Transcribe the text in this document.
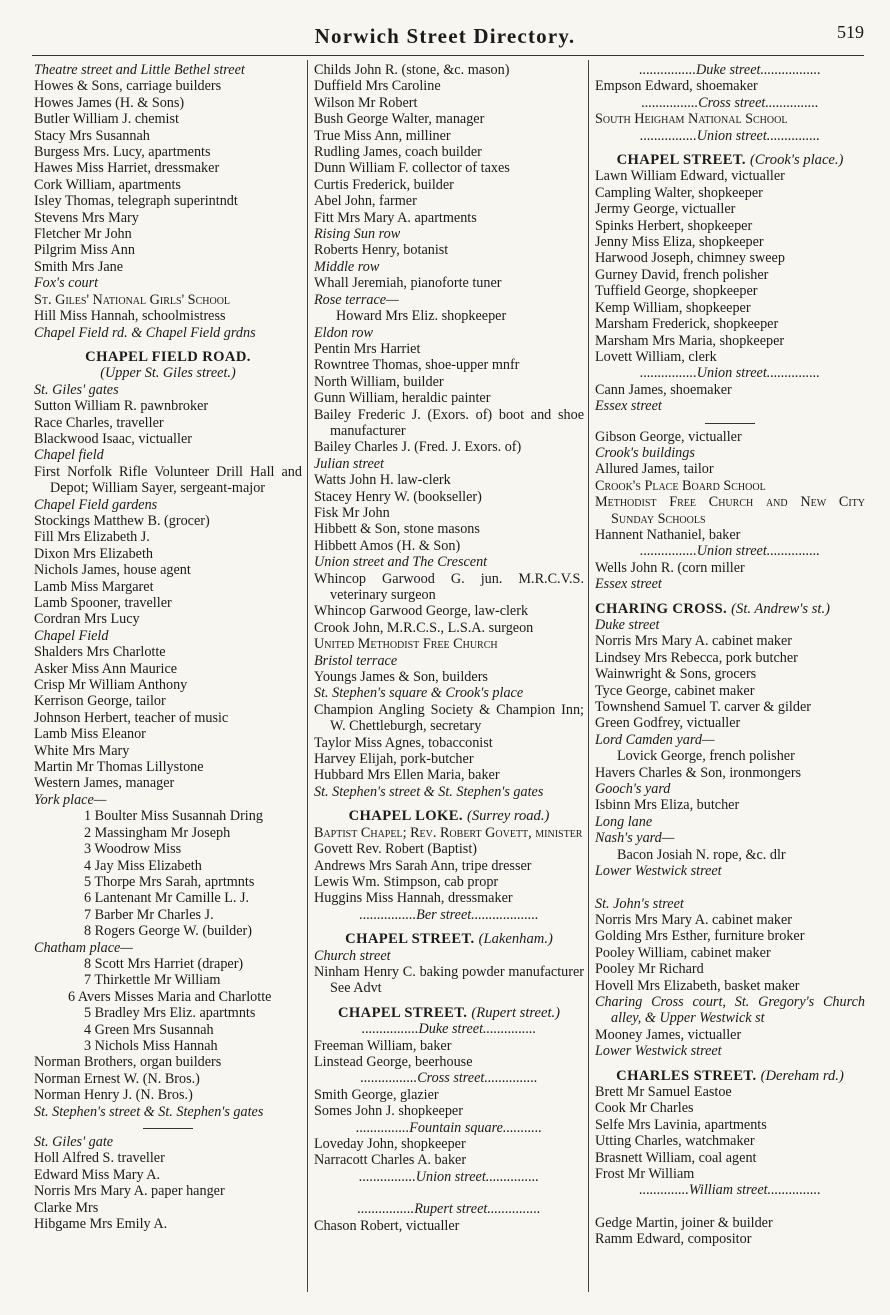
Norwich Street Directory.	519
Theatre street and Little Bethel street
Howes & Sons, carriage builders
Howes James (H. & Sons)
Butler William J. chemist
Stacy Mrs Susannah
Burgess Mrs. Lucy, apartments
Hawes Miss Harriet, dressmaker
Cork William, apartments
Isley Thomas, telegraph superintndt
Stevens Mrs Mary
Fletcher Mr John
Pilgrim Miss Ann
Smith Mrs Jane
Fox's court
St. Giles' National Girls' School
Hill Miss Hannah, schoolmistress
Chapel Field rd. & Chapel Field grdns
CHAPEL FIELD ROAD.
(Upper St. Giles street.)
St. Giles' gates
Sutton William R. pawnbroker
Race Charles, traveller
Blackwood Isaac, victualler
Chapel field
First Norfolk Rifle Volunteer Drill Hall and Depot; William Sayer, sergeant-major
Chapel Field gardens
Stockings Matthew B. (grocer)
Fill Mrs Elizabeth J.
Dixon Mrs Elizabeth
Nichols James, house agent
Lamb Miss Margaret
Lamb Spooner, traveller
Cordran Mrs Lucy
Chapel Field
Shalders Mrs Charlotte
Asker Miss Ann Maurice
Crisp Mr William Anthony
Kerrison George, tailor
Johnson Herbert, teacher of music
Lamb Miss Eleanor
White Mrs Mary
Martin Mr Thomas Lillystone
Western James, manager
York place—
1 Boulter Miss Susannah Dring
2 Massingham Mr Joseph
3 Woodrow Miss
4 Jay Miss Elizabeth
5 Thorpe Mrs Sarah, aprtmnts
6 Lantenant Mr Camille L. J.
7 Barber Mr Charles J.
8 Rogers George W. (builder)
Chatham place—
8 Scott Mrs Harriet (draper)
7 Thirkettle Mr William
6 Avers Misses Maria and Charlotte
5 Bradley Mrs Eliz. apartmnts
4 Green Mrs Susannah
3 Nichols Miss Hannah
Norman Brothers, organ builders
Norman Ernest W. (N. Bros.)
Norman Henry J. (N. Bros.)
St. Stephen's street & St. Stephen's gates
St. Giles' gate
Holl Alfred S. traveller
Edward Miss Mary A.
Norris Mrs Mary A. paper hanger
Clarke Mrs
Hibgame Mrs Emily A.
Childs John R. (stone, &c. mason)
Duffield Mrs Caroline
Wilson Mr Robert
Bush George Walter, manager
True Miss Ann, milliner
Rudling James, coach builder
Dunn William F. collector of taxes
Curtis Frederick, builder
Abel John, farmer
Fitt Mrs Mary A. apartments
Rising Sun row
Roberts Henry, botanist
Middle row
Whall Jeremiah, pianoforte tuner
Rose terrace—
Howard Mrs Eliz. shopkeeper
Eldon row
Pentin Mrs Harriet
Rowntree Thomas, shoe-upper mnfr
North William, builder
Gunn William, heraldic painter
Bailey Frederic J. (Exors. of) boot and shoe manufacturer
Bailey Charles J. (Fred. J. Exors. of)
Julian street
Watts John H. law-clerk
Stacey Henry W. (bookseller)
Fisk Mr John
Hibbett & Son, stone masons
Hibbett Amos (H. & Son)
Union street and The Crescent
Whincop Garwood G. jun. M.R.C.V.S. veterinary surgeon
Whincop Garwood George, law-clerk
Crook John, M.R.C.S., L.S.A. surgeon
United Methodist Free Church
Bristol terrace
Youngs James & Son, builders
St. Stephen's square & Crook's place
Champion Angling Society & Champion Inn; W. Chettleburgh, secretary
Taylor Miss Agnes, tobacconist
Harvey Elijah, pork-butcher
Hubbard Mrs Ellen Maria, baker
St. Stephen's street & St. Stephen's gates
CHAPEL LOKE. (Surrey road.)
Baptist Chapel; Rev. Robert Govett, minister
Govett Rev. Robert (Baptist)
Andrews Mrs Sarah Ann, tripe dresser
Lewis Wm. Stimpson, cab propr
Huggins Miss Hannah, dressmaker
................Ber street...................
CHAPEL STREET. (Lakenham.)
Church street
Ninham Henry C. baking powder manufacturer See Advt
CHAPEL STREET. (Rupert street.)
................Duke street...............
Freeman William, baker
Linstead George, beerhouse
................Cross street...............
Smith George, glazier
Somes John J. shopkeeper
...............Fountain square...........
Loveday John, shopkeeper
Narracott Charles A. baker
................Union street...............
................Rupert street...............
Chason Robert, victualler
................Duke street.................
Empson Edward, shoemaker
................Cross street...............
South Heigham National School
................Union street...............
CHAPEL STREET. (Crook's place.)
Lawn William Edward, victualler
Campling Walter, shopkeeper
Jermy George, victualler
Spinks Herbert, shopkeeper
Jenny Miss Eliza, shopkeeper
Harwood Joseph, chimney sweep
Gurney David, french polisher
Tuffield George, shopkeeper
Kemp William, shopkeeper
Marsham Frederick, shopkeeper
Marsham Mrs Maria, shopkeeper
Lovett William, clerk
................Union street...............
Cann James, shoemaker
Essex street
Gibson George, victualler
Crook's buildings
Allured James, tailor
Crook's Place Board School
Methodist Free Church and New City Sunday Schools
Hannent Nathaniel, baker
................Union street...............
Wells John R. (corn miller
Essex street
CHARING CROSS. (St. Andrew's st.)
Duke street
Norris Mrs Mary A. cabinet maker
Lindsey Mrs Rebecca, pork butcher
Wainwright & Sons, grocers
Tyce George, cabinet maker
Townshend Samuel T. carver & gilder
Green Godfrey, victualler
Lord Camden yard—
Lovick George, french polisher
Havers Charles & Son, ironmongers
Gooch's yard
Isbinn Mrs Eliza, butcher
Long lane
Nash's yard—
Bacon Josiah N. rope, &c. dlr
Lower Westwick street
St. John's street
Norris Mrs Mary A. cabinet maker
Golding Mrs Esther, furniture broker
Pooley William, cabinet maker
Pooley Mr Richard
Hovell Mrs Elizabeth, basket maker
Charing Cross court, St. Gregory's Church alley, & Upper Westwick st
Mooney James, victualler
Lower Westwick street
CHARLES STREET. (Dereham rd.)
Brett Mr Samuel Eastoe
Cook Mr Charles
Selfe Mrs Lavinia, apartments
Utting Charles, watchmaker
Brasnett William, coal agent
Frost Mr William
..............William street...............
Gedge Martin, joiner & builder
Ramm Edward, compositor
